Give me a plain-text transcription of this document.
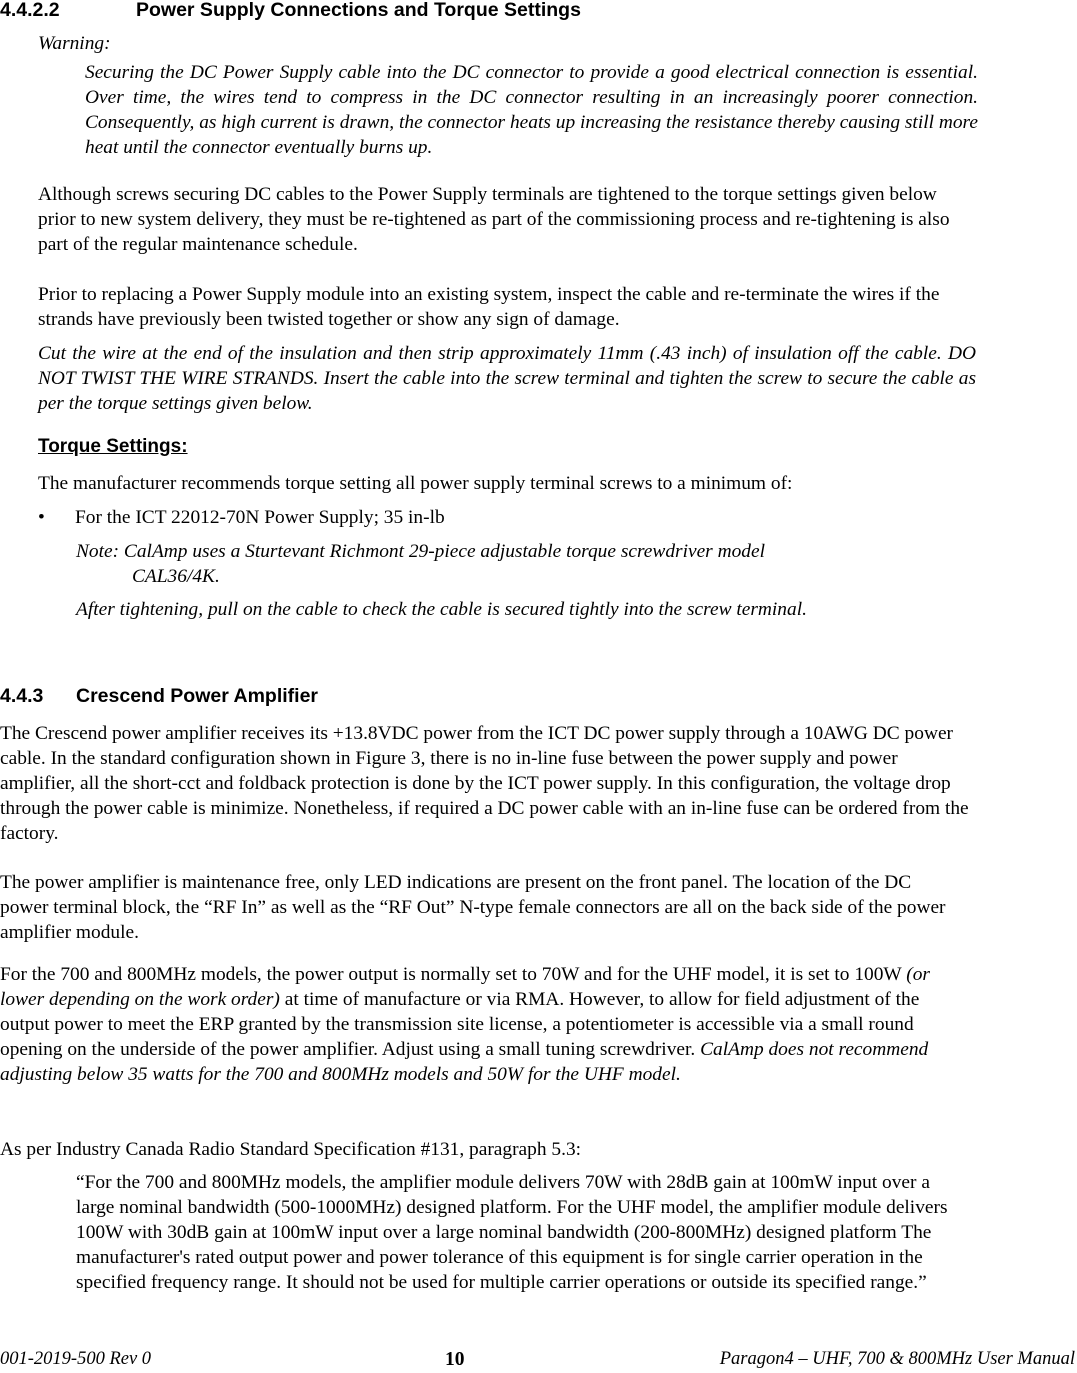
4.4.2.2	Power Supply Connections and Torque Settings
Warning:

Securing the DC Power Supply cable into the DC connector to provide a good electrical connection is essential. Over time, the wires tend to compress in the DC connector resulting in an increasingly poorer connection. Consequently, as high current is drawn, the connector heats up increasing the resistance thereby causing still more heat until the connector eventually burns up.

Although screws securing DC cables to the Power Supply terminals are tightened to the torque settings given below prior to new system delivery, they must be re-tightened as part of the commissioning process and re-tightening is also part of the regular maintenance schedule.

Prior to replacing a Power Supply module into an existing system, inspect the cable and re-terminate the wires if the strands have previously been twisted together or show any sign of damage.

Cut the wire at the end of the insulation and then strip approximately 11mm (.43 inch) of insulation off the cable. DO NOT TWIST THE WIRE STRANDS. Insert the cable into the screw terminal and tighten the screw to secure the cable as per the torque settings given below.

Torque Settings:
The manufacturer recommends torque setting all power supply terminal screws to a minimum of:
• For the ICT 22012-70N Power Supply; 35 in-lb
Note: CalAmp uses a Sturtevant Richmont 29-piece adjustable torque screwdriver model
CAL36/4K.
After tightening, pull on the cable to check the cable is secured tightly into the screw terminal.
4.4.3 Crescend Power Amplifier

The Crescend power amplifier receives its +13.8VDC power from the ICT DC power supply through a 10AWG DC power cable. In the standard configuration shown in Figure 3, there is no in-line fuse between the power supply and power amplifier, all the short-cct and foldback protection is done by the ICT power supply. In this configuration, the voltage drop through the power cable is minimize. Nonetheless, if required a DC power cable with an in-line fuse can be ordered from the factory.

The power amplifier is maintenance free, only LED indications are present on the front panel. The location of the DC power terminal block, the “RF In” as well as the “RF Out” N-type female connectors are all on the back side of the power amplifier module.

For the 700 and 800MHz models, the power output is normally set to 70W and for the UHF model, it is set to 100W (or lower depending on the work order) at time of manufacture or via RMA. However, to allow for field adjustment of the output power to meet the ERP granted by the transmission site license, a potentiometer is accessible via a small round opening on the underside of the power amplifier. Adjust using a small tuning screwdriver. CalAmp does not recommend adjusting below 35 watts for the 700 and 800MHz models and 50W for the UHF model.

As per Industry Canada Radio Standard Specification #131, paragraph 5.3:

“For the 700 and 800MHz models, the amplifier module delivers 70W with 28dB gain at 100mW input over a large nominal bandwidth (500-1000MHz) designed platform. For the UHF model, the amplifier module delivers 100W with 30dB gain at 100mW input over a large nominal bandwidth (200-800MHz) designed platform The manufacturer's rated output power and power tolerance of this equipment is for single carrier operation in the specified frequency range. It should not be used for multiple carrier operations or outside its specified range.”

001-2019-500 Rev 0	10	Paragon4 – UHF, 700 & 800MHz User Manual
